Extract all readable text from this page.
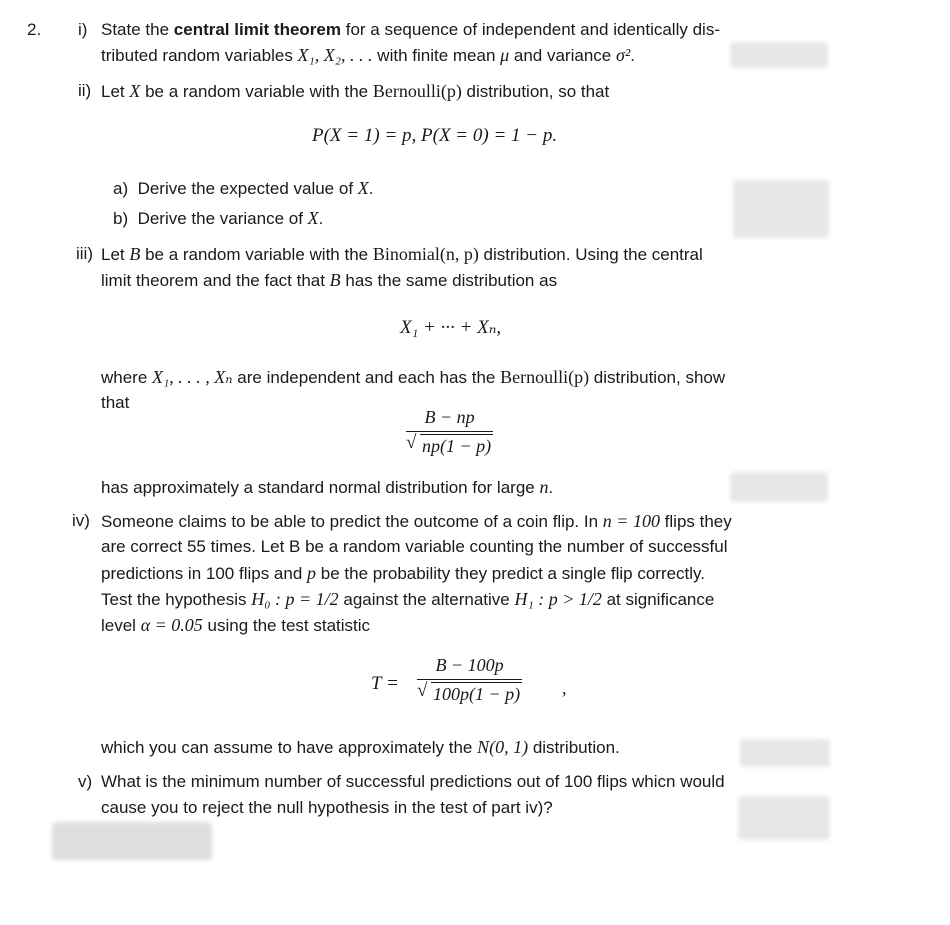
2. i) State the central limit theorem for a sequence of independent and identically dis-
tributed random variables X₁, X₂, . . . with finite mean μ and variance σ².
ii) Let X be a random variable with the Bernoulli(p) distribution, so that
P(X = 1) = p, P(X = 0) = 1 − p.
a) Derive the expected value of X.
b) Derive the variance of X.
iii) Let B be a random variable with the Binomial(n, p) distribution. Using the central
limit theorem and the fact that B has the same distribution as
X₁ + ··· + Xₙ,
where X₁, . . . , Xₙ are independent and each has the Bernoulli(p) distribution, show
that
B − np
√ np(1 − p)
has approximately a standard normal distribution for large n.
iv) Someone claims to be able to predict the outcome of a coin flip. In n = 100 flips they
are correct 55 times. Let B be a random variable counting the number of successful
predictions in 100 flips and p be the probability they predict a single flip correctly.
Test the hypothesis H₀ : p = 1/2 against the alternative H₁ : p > 1/2 at significance
level α = 0.05 using the test statistic
T =
B − 100p
√ 100p(1 − p) ,
which you can assume to have approximately the N(0, 1) distribution.
v) What is the minimum number of successful predictions out of 100 flips whicn would
cause you to reject the null hypothesis in the test of part iv)?
